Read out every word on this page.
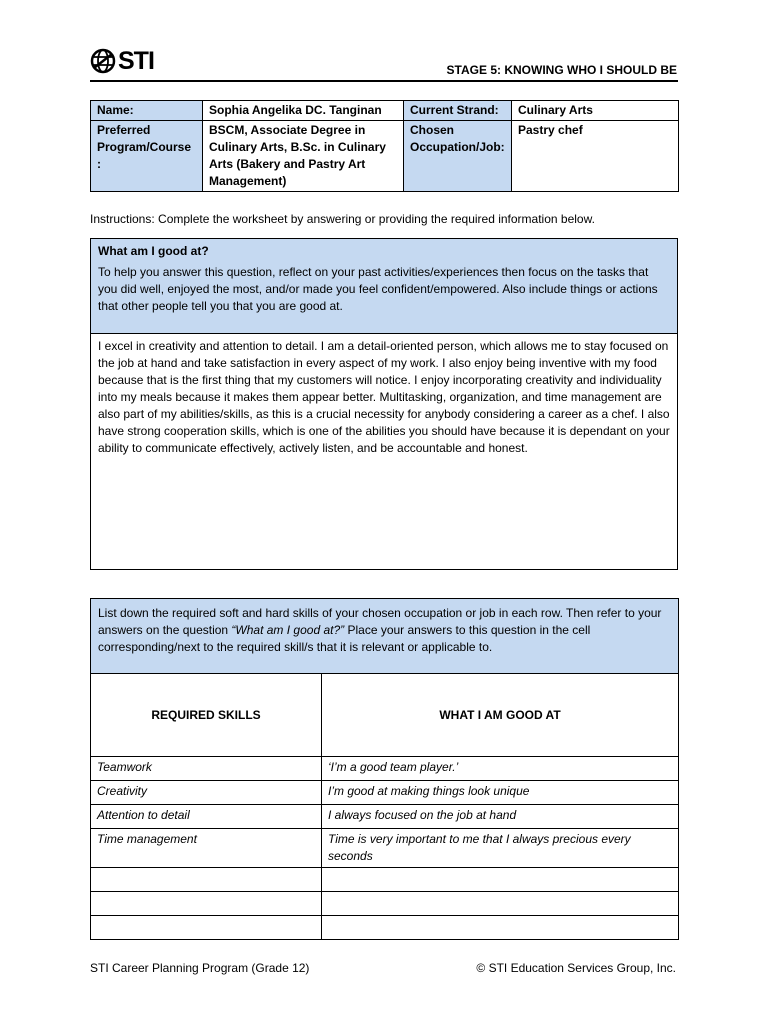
STI	STAGE 5: KNOWING WHO I SHOULD BE
Name:	Sophia Angelika DC. Tanginan	Current Strand:	Culinary Arts
Preferred Program/Course :	BSCM, Associate Degree in Culinary Arts, B.Sc. in Culinary Arts (Bakery and Pastry Art Management)	Chosen Occupation/Job:	Pastry chef
Instructions: Complete the worksheet by answering or providing the required information below.
What am I good at?
To help you answer this question, reflect on your past activities/experiences then focus on the tasks that you did well, enjoyed the most, and/or made you feel confident/empowered. Also include things or actions that other people tell you that you are good at.

I excel in creativity and attention to detail. I am a detail-oriented person, which allows me to stay focused on the job at hand and take satisfaction in every aspect of my work. I also enjoy being inventive with my food because that is the first thing that my customers will notice. I enjoy incorporating creativity and individuality into my meals because it makes them appear better. Multitasking, organization, and time management are also part of my abilities/skills, as this is a crucial necessity for anybody considering a career as a chef. I also have strong cooperation skills, which is one of the abilities you should have because it is dependant on your ability to communicate effectively, actively listen, and be accountable and honest.
List down the required soft and hard skills of your chosen occupation or job in each row. Then refer to your answers on the question “What am I good at?” Place your answers to this question in the cell corresponding/next to the required skill/s that it is relevant or applicable to.	
REQUIRED SKILLS	WHAT I AM GOOD AT
Teamwork	‘I’m a good team player.’
Creativity	I’m good at making things look unique
Attention to detail	I always focused on the job at hand
Time management	Time is very important to me that I always precious every seconds

STI Career Planning Program (Grade 12)	© STI Education Services Group, Inc.
